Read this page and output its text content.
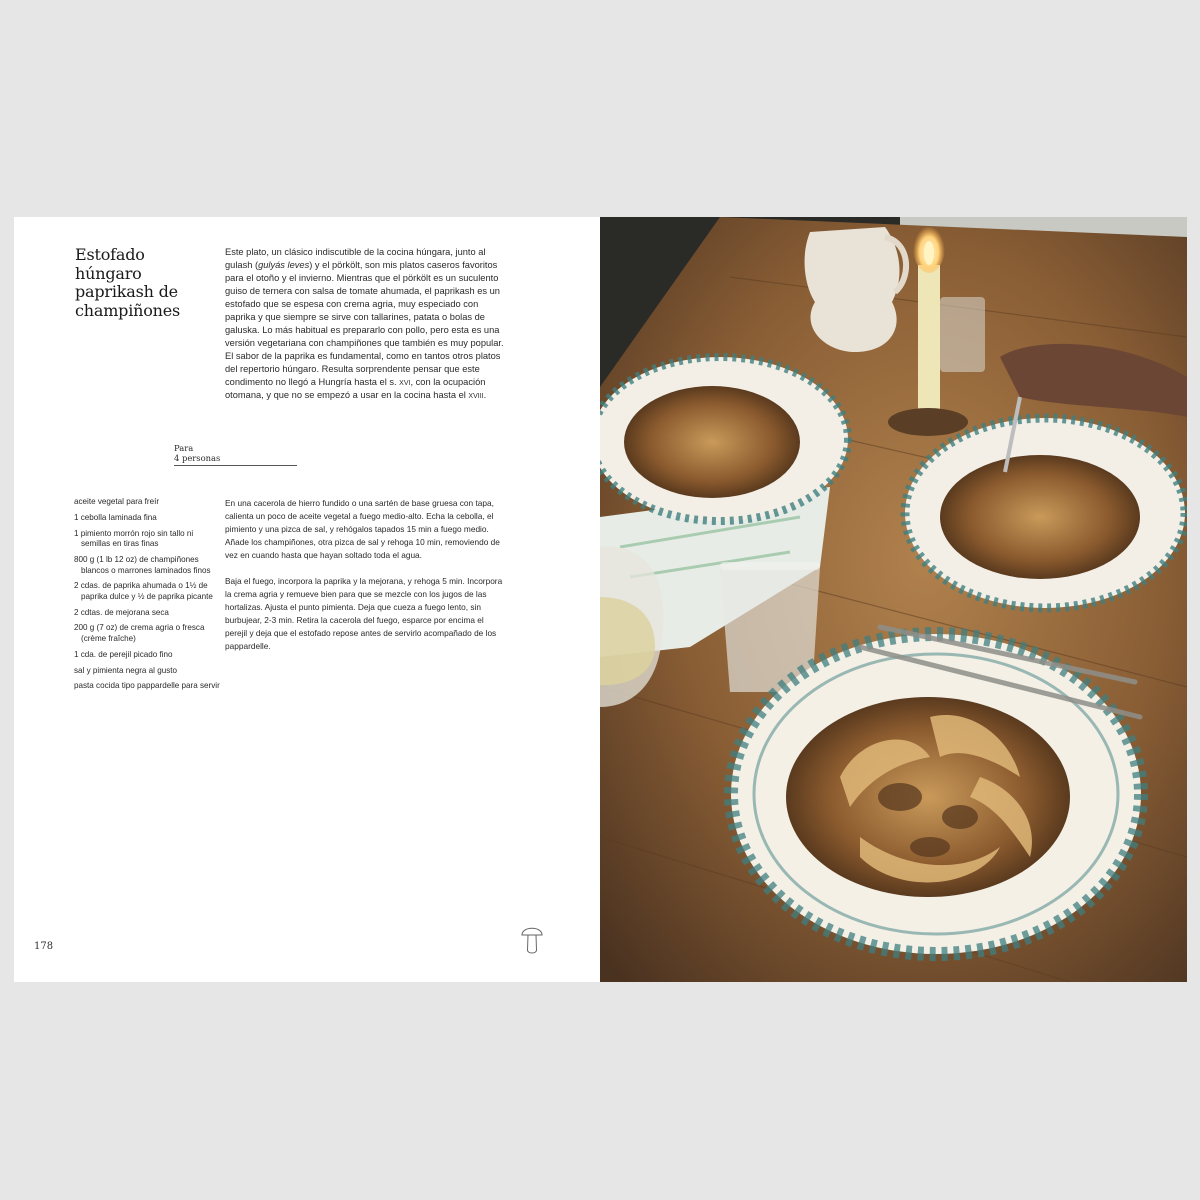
Estofado
húngaro
paprikash de
champiñones

Este plato, un clásico indiscutible de la cocina húngara, junto al gulash (gulyás leves) y el pörkölt, son mis platos caseros favoritos para el otoño y el invierno. Mientras que el pörkölt es un suculento guiso de ternera con salsa de tomate ahumada, el paprikash es un estofado que se espesa con crema agria, muy especiado con paprika y que siempre se sirve con tallarines, patata o bolas de galuska. Lo más habitual es prepararlo con pollo, pero esta es una versión vegetariana con champiñones que también es muy popular. El sabor de la paprika es fundamental, como en tantos otros platos del repertorio húngaro. Resulta sorprendente pensar que este condimento no llegó a Hungría hasta el s. xvi, con la ocupación otomana, y que no se empezó a usar en la cocina hasta el xviii.

Para
4 personas
aceite vegetal para freír
1 cebolla laminada fina
1 pimiento morrón rojo sin tallo ni semillas en tiras finas
800 g (1 lb 12 oz) de champiñones blancos o marrones laminados finos
2 cdas. de paprika ahumada o 1½ de paprika dulce y ½ de paprika picante
2 cdtas. de mejorana seca
200 g (7 oz) de crema agria o fresca (crème fraîche)
1 cda. de perejil picado fino
sal y pimienta negra al gusto
pasta cocida tipo pappardelle para servir

En una cacerola de hierro fundido o una sartén de base gruesa con tapa, calienta un poco de aceite vegetal a fuego medio-alto. Echa la cebolla, el pimiento y una pizca de sal, y rehógalos tapados 15 min a fuego medio. Añade los champiñones, otra pizca de sal y rehoga 10 min, removiendo de vez en cuando hasta que hayan soltado toda el agua.

Baja el fuego, incorpora la paprika y la mejorana, y rehoga 5 min. Incorpora la crema agria y remueve bien para que se mezcle con los jugos de las hortalizas. Ajusta el punto pimienta. Deja que cueza a fuego lento, sin burbujear, 2-3 min. Retira la cacerola del fuego, esparce por encima el perejil y deja que el estofado repose antes de servirlo acompañado de los pappardelle.

178
